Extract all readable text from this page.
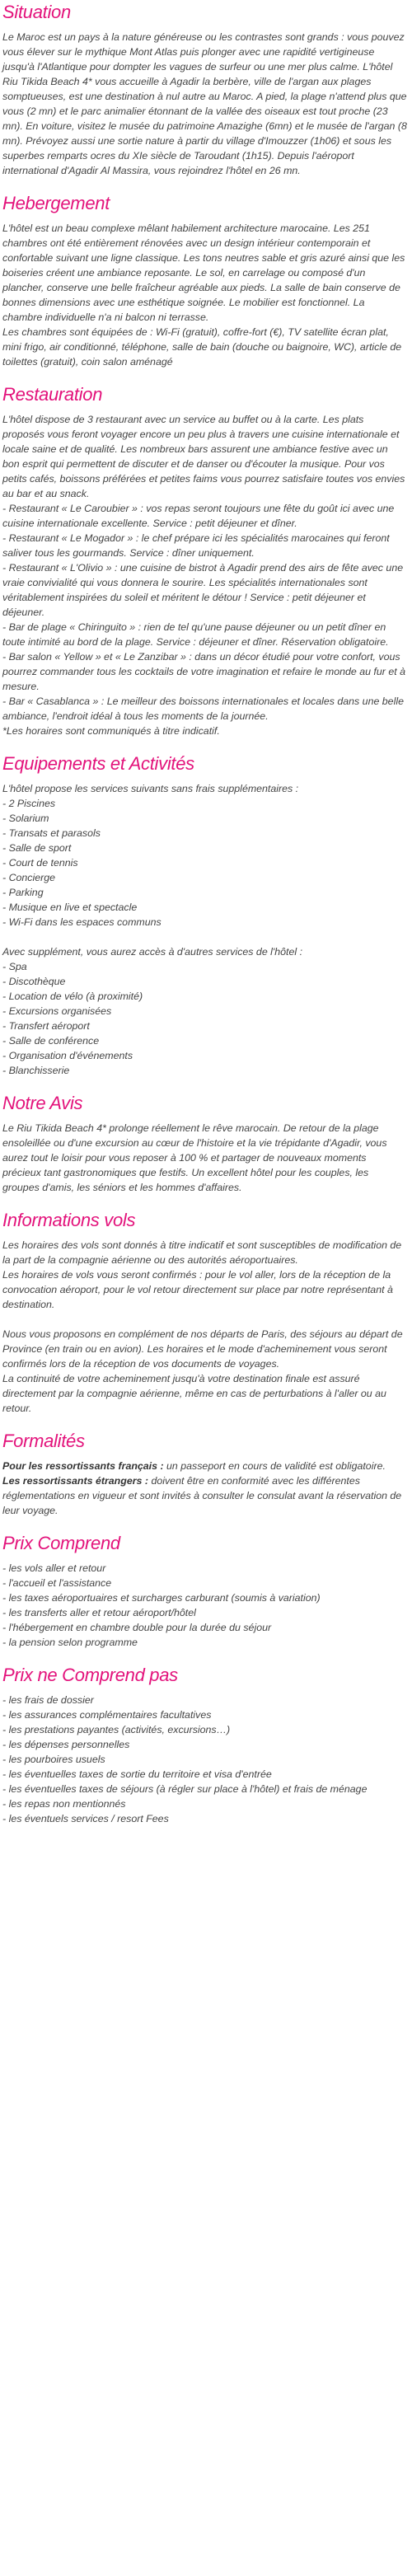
Situation

Le Maroc est un pays à la nature généreuse ou les contrastes sont grands : vous pouvez vous élever sur le mythique Mont Atlas puis plonger avec une rapidité vertigineuse jusqu'à l'Atlantique pour dompter les vagues de surfeur ou une mer plus calme. L'hôtel Riu Tikida Beach 4* vous accueille à Agadir la berbère, ville de l'argan aux plages somptueuses, est une destination à nul autre au Maroc. A pied, la plage n'attend plus que vous (2 mn) et le parc animalier étonnant de la vallée des oiseaux est tout proche (23 mn). En voiture, visitez le musée du patrimoine Amazighe (6mn) et le musée de l'argan (8 mn). Prévoyez aussi une sortie nature à partir du village d'Imouzzer (1h06) et sous les superbes remparts ocres du XIe siècle de Taroudant (1h15). Depuis l'aéroport international d'Agadir Al Massira, vous rejoindrez l'hôtel en 26 mn.

Hebergement

L'hôtel est un beau complexe mêlant habilement architecture marocaine. Les 251 chambres ont été entièrement rénovées avec un design intérieur contemporain et confortable suivant une ligne classique. Les tons neutres sable et gris azuré ainsi que les boiseries créent une ambiance reposante. Le sol, en carrelage ou composé d'un plancher, conserve une belle fraîcheur agréable aux pieds. La salle de bain conserve de bonnes dimensions avec une esthétique soignée. Le mobilier est fonctionnel. La chambre individuelle n'a ni balcon ni terrasse.

Les chambres sont équipées de : Wi-Fi (gratuit), coffre-fort (€), TV satellite écran plat, mini frigo, air conditionné, téléphone, salle de bain (douche ou baignoire, WC), article de toilettes (gratuit), coin salon aménagé

Restauration
L'hôtel dispose de 3 restaurant avec un service au buffet ou à la carte. Les plats proposés vous feront voyager encore un peu plus à travers une cuisine internationale et locale saine et de qualité. Les nombreux bars assurent une ambiance festive avec un bon esprit qui permettent de discuter et de danser ou d'écouter la musique. Pour vos petits cafés, boissons préférées et petites faims vous pourrez satisfaire toutes vos envies au bar et au snack.
- Restaurant « Le Caroubier » : vos repas seront toujours une fête du goût ici avec une cuisine internationale excellente. Service : petit déjeuner et dîner.
- Restaurant « Le Mogador » : le chef prépare ici les spécialités marocaines qui feront saliver tous les gourmands. Service : dîner uniquement.
- Restaurant « L'Olivio » : une cuisine de bistrot à Agadir prend des airs de fête avec une vraie convivialité qui vous donnera le sourire. Les spécialités internationales sont véritablement inspirées du soleil et méritent le détour ! Service : petit déjeuner et déjeuner.
- Bar de plage « Chiringuito » : rien de tel qu'une pause déjeuner ou un petit dîner en toute intimité au bord de la plage. Service : déjeuner et dîner. Réservation obligatoire.
- Bar salon « Yellow » et « Le Zanzibar » : dans un décor étudié pour votre confort, vous pourrez commander tous les cocktails de votre imagination et refaire le monde au fur et à mesure.
- Bar « Casablanca » : Le meilleur des boissons internationales et locales dans une belle ambiance, l'endroit idéal à tous les moments de la journée.
*Les horaires sont communiqués à titre indicatif.
Equipements et Activités
L'hôtel propose les services suivants sans frais supplémentaires :
- 2 Piscines
- Solarium
- Transats et parasols
- Salle de sport
- Court de tennis
- Concierge
- Parking
- Musique en live et spectacle
- Wi-Fi dans les espaces communs
Avec supplément, vous aurez accès à d'autres services de l'hôtel :
- Spa
- Discothèque
- Location de vélo (à proximité)
- Excursions organisées
- Transfert aéroport
- Salle de conférence
- Organisation d'événements
- Blanchisserie
Notre Avis

Le Riu Tikida Beach 4* prolonge réellement le rêve marocain. De retour de la plage ensoleillée ou d'une excursion au cœur de l'histoire et la vie trépidante d'Agadir, vous aurez tout le loisir pour vous reposer à 100 % et partager de nouveaux moments précieux tant gastronomiques que festifs. Un excellent hôtel pour les couples, les groupes d'amis, les séniors et les hommes d'affaires.

Informations vols
Les horaires des vols sont donnés à titre indicatif et sont susceptibles de modification de la part de la compagnie aérienne ou des autorités aéroportuaires.
Les horaires de vols vous seront confirmés : pour le vol aller, lors de la réception de la convocation aéroport, pour le vol retour directement sur place par notre représentant à destination.
Nous vous proposons en complément de nos départs de Paris, des séjours au départ de Province (en train ou en avion). Les horaires et le mode d'acheminement vous seront confirmés lors de la réception de vos documents de voyages.
La continuité de votre acheminement jusqu'à votre destination finale est assuré directement par la compagnie aérienne, même en cas de perturbations à l'aller ou au retour.
Formalités
Pour les ressortissants français : un passeport en cours de validité est obligatoire.
Les ressortissants étrangers : doivent être en conformité avec les différentes réglementations en vigueur et sont invités à consulter le consulat avant la réservation de leur voyage.
Prix Comprend
- les vols aller et retour
- l'accueil et l'assistance
- les taxes aéroportuaires et surcharges carburant (soumis à variation)
- les transferts aller et retour aéroport/hôtel
- l'hébergement en chambre double pour la durée du séjour
- la pension selon programme
Prix ne Comprend pas
- les frais de dossier
- les assurances complémentaires facultatives
- les prestations payantes (activités, excursions…)
- les dépenses personnelles
- les pourboires usuels
- les éventuelles taxes de sortie du territoire et visa d'entrée
- les éventuelles taxes de séjours (à régler sur place à l'hôtel) et frais de ménage
- les repas non mentionnés
- les éventuels services / resort Fees
